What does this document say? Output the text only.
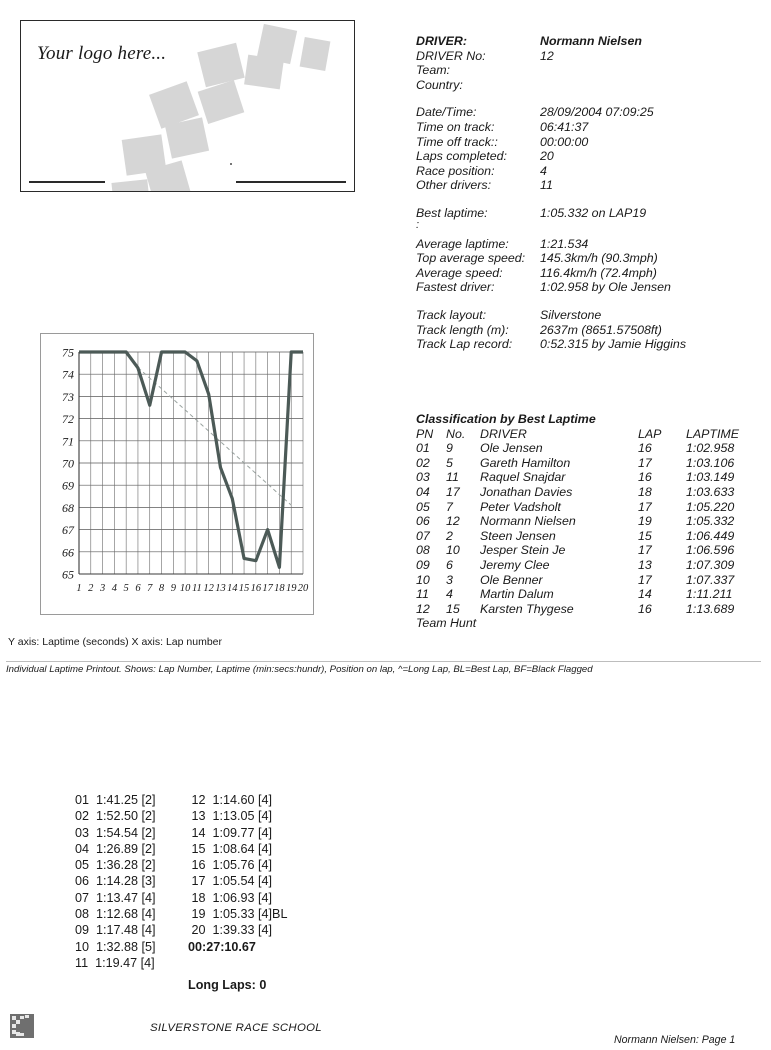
Your logo here...
DRIVER:	Normann Nielsen
DRIVER No:	12
Team:
Country:
Date/Time:	28/09/2004 07:09:25
Time on track:	06:41:37
Time off track::	00:00:00
Laps completed:	20
Race position:	4
Other drivers:	11
Best laptime:	1:05.332 on LAP19
:
Average laptime:	1:21.534
Top average speed:	145.3km/h (90.3mph)
Average speed:	116.4km/h (72.4mph)
Fastest driver:	1:02.958 by Ole Jensen
Track layout:	Silverstone
Track length (m):	2637m (8651.57508ft)
Track Lap record:	0:52.315 by Jamie Higgins
65
66
67
68
69
70
71
72
73
74
75
1 2 3 4 5 6 7 8 9 10 11 12 13 14 15 16 17 18 19 20
Y axis: Laptime (seconds) X axis: Lap number
Individual Laptime Printout. Shows: Lap Number, Laptime (min:secs:hundr), Position on lap, ^=Long Lap, BL=Best Lap, BF=Black Flagged
Classification by Best Laptime
PN	No.	DRIVER	LAP	LAPTIME
01	9	Ole Jensen	16	1:02.958
02	5	Gareth Hamilton	17	1:03.106
03	11	Raquel Snajdar	16	1:03.149
04	17	Jonathan Davies	18	1:03.633
05	7	Peter Vadsholt	17	1:05.220
06	12	Normann Nielsen	19	1:05.332
07	2	Steen Jensen	15	1:06.449
08	10	Jesper Stein Je	17	1:06.596
09	6	Jeremy Clee	13	1:07.309
10	3	Ole Benner	17	1:07.337
11	4	Martin Dalum	14	1:11.211
12	15	Karsten Thygese	16	1:13.689
Team Hunt
01  1:41.25 [2]
02  1:52.50 [2]
03  1:54.54 [2]
04  1:26.89 [2]
05  1:36.28 [2]
06  1:14.28 [3]
07  1:13.47 [4]
08  1:12.68 [4]
09  1:17.48 [4]
10  1:32.88 [5]
11  1:19.47 [4]
12  1:14.60 [4]
13  1:13.05 [4]
14  1:09.77 [4]
15  1:08.64 [4]
16  1:05.76 [4]
17  1:05.54 [4]
18  1:06.93 [4]
19  1:05.33 [4]BL
20  1:39.33 [4]
00:27:10.67
Long Laps: 0
SILVERSTONE RACE SCHOOL
Normann Nielsen: Page 1
